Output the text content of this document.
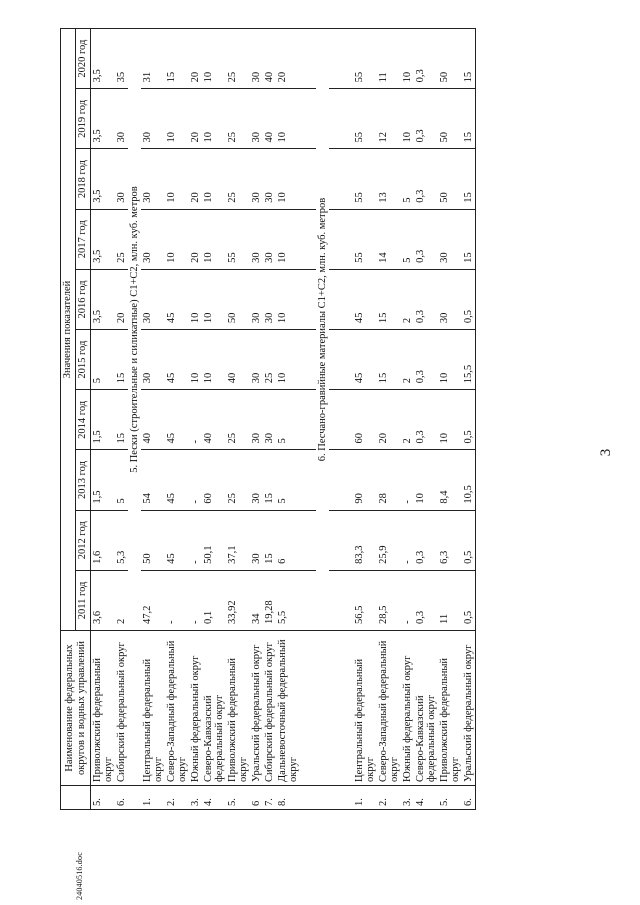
3
	Наименование федеральных округов и водных управлений	Значения показателей									
		2011 год	2012 год	2013 год	2014 год	2015 год	2016 год	2017 год	2018 год	2019 год	2020 год
5.	Приволжский федеральный округ	3,6	1,6	1,5	1,5	5	3,5	3,5	3,5	3,5	3,5
6.	Сибирский федеральный округ	2	5,3	5	15	15	20	25	30	30	35
		5. Пески (строительные и силикатные) С1+С2, млн. куб. метров									
1.	Центральный федеральный округ	47,2	50	54	40	30	30	30	30	30	31
2.	Северо-Западный федеральный округ	-	45	45	45	45	45	10	10	10	15
3.	Южный федеральный округ	-	-	-	-	10	10	20	20	20	20
4.	Северо-Кавказский федеральный округ	0,1	50,1	60	40	10	10	10	10	10	10
5.	Приволжский федеральный округ	33,92	37,1	25	25	40	50	55	25	25	25
6	Уральский федеральный округ	34	30	30	30	30	30	30	30	30	30
7.	Сибирский федеральный округ	19,28	15	15	30	25	30	30	30	40	40
8.	Дальневосточный федеральный округ	5,5	6	5	5	10	10	10	10	10	20

		6. Песчано-гравийные материалы С1+С2, млн. куб. метров									

1.	Центральный федеральный округ	56,5	83,3	90	60	45	45	55	55	55	55
2.	Северо-Западный федеральный округ	28,5	25,9	28	20	15	15	14	13	12	11
3.	Южный федеральный округ	-	-	-	2	2	2	5	5	10	10
4.	Северо-Кавказский федеральный округ	0,3	0,3	10	0,3	0,3	0,3	0,3	0,3	0,3	0,3
5.	Приволжский федеральный округ	11	6,3	8,4	10	10	30	30	50	50	50
6.	Уральский федеральный округ	0,5	0,5	10,5	0,5	15,5	0,5	15	15	15	15
24040516.doc
